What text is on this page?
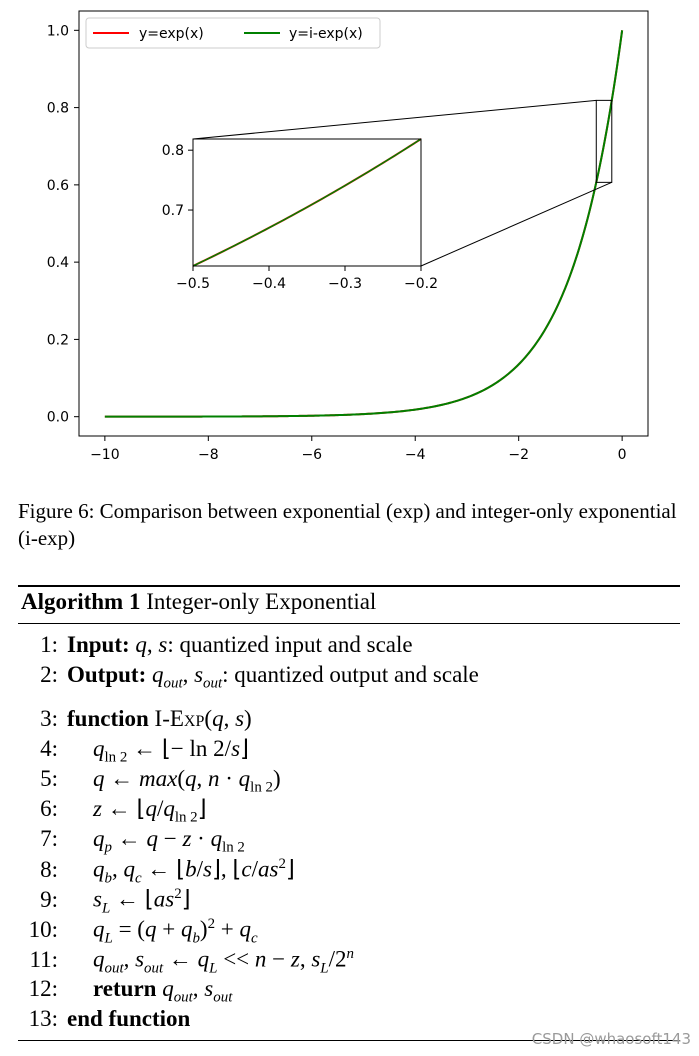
−10	−8	−6	−4	−2	0
0.0
0.2
0.4
0.6
0.8
1.0
−0.5	−0.4	−0.3	−0.2
0.7
0.8
y=exp(x)	y=i-exp(x)
Figure 6: Comparison between exponential (exp) and integer-only exponential (i-exp)
Algorithm 1 Integer-only Exponential
1: Input: q, s: quantized input and scale
2: Output: $q_{out}$, $s_{out}$: quantized output and scale
3: function I-Exp(q, s)
4: $q_{ln 2}$ ← ⌊− ln 2/s⌋
5: q ← max(q, $n \cdot q_{ln 2}$)
6: z ← $⌊q/q_{ln 2}⌋$
7: $q_p$ ← $q - z \cdot q_{ln 2}$
8: $q_b$, $q_c$ ← ⌊b/s⌋, $⌊c/as^2⌋$
9: $s_L$ ← $⌊as^2⌋$
10: $q_L = (q + q_b)^2 + q_c$
11: $q_{out}$, $s_{out}$ ← $q_L << n - z$, $s_L/2^n$
12: return $q_{out}$, $s_{out}$
13: end function
CSDN @whaosoft143
